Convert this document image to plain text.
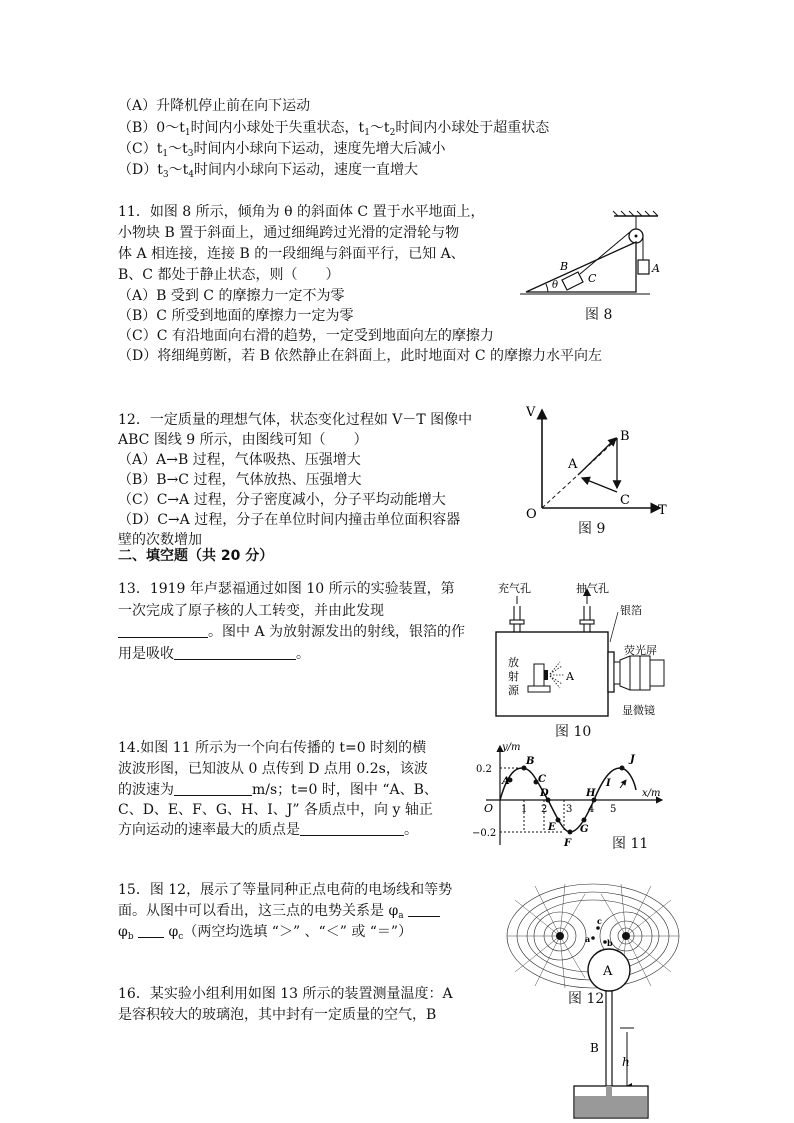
（A）升降机停止前在向下运动
$(B)0\sim t_1$时间内小球处于失重状态，$t_1\sim t_2$时间内小球处于超重状态
$(C)t_1\sim t_3$时间内小球向下运动，速度先增大后减小
$(D)t_3\sim t_4$时间内小球向下运动，速度一直增大
11．如图 8 所示，倾角为 θ 的斜面体 C 置于水平地面上，
小物块 B 置于斜面上，通过细绳跨过光滑的定滑轮与物
体 A 相连接，连接 B 的一段细绳与斜面平行，已知 A、
B、C 都处于静止状态，则（　　）
（A）B 受到 C 的摩擦力一定不为零
（B）C 所受到地面的摩擦力一定为零
（C）C 有沿地面向右滑的趋势，一定受到地面向左的摩擦力
（D）将细绳剪断，若 B 依然静止在斜面上，此时地面对 C 的摩擦力水平向左
B
C
A
θ
图 8
12．一定质量的理想气体，状态变化过程如 V－T 图像中
ABC 图线 9 所示，由图线可知（　　）
（A）A→B 过程，气体吸热、压强增大
（B）B→C 过程，气体放热、压强增大
（C）C→A 过程，分子密度减小，分子平均动能增大
（D）C→A 过程，分子在单位时间内撞击单位面积容器
壁的次数增加
V
T
O
A
B
C
图 9
二、填空题（共 20 分）
13．1919 年卢瑟福通过如图 10 所示的实验装置，第
一次完成了原子核的人工转变，并由此发现
。图中 A 为放射源发出的射线，银箔的作
用是吸收	。
充气孔	抽气孔
银箔
荧光屏
放
射
源
A
显微镜
图 10
14.如图 11 所示为一个向右传播的 t=0 时刻的横
波波形图，已知波从 0 点传到 D 点用 0.2s，该波
的波速为	m/s；t=0 时，图中 “A、B、
C、D、E、F、G、H、I、J” 各质点中，向 y 轴正
方向运动的速率最大的质点是	。
y/m
x/m
O
0.2
−0.2
1 2 3 4 5
A
B
C
D
E
F
G
H
I
J
图 11
15．图 12，展示了等量同种正点电荷的电场线和等势
面。从图中可以看出，这三点的电势关系是 $\varphi_a$
$\varphi_b$ $\varphi_c$（两空均选填 “＞” 、“＜” 或 “＝”）
c
a b
图 12
16．某实验小组利用如图 13 所示的装置测量温度：A
是容积较大的玻璃泡，其中封有一定质量的空气，B
A
B
h
